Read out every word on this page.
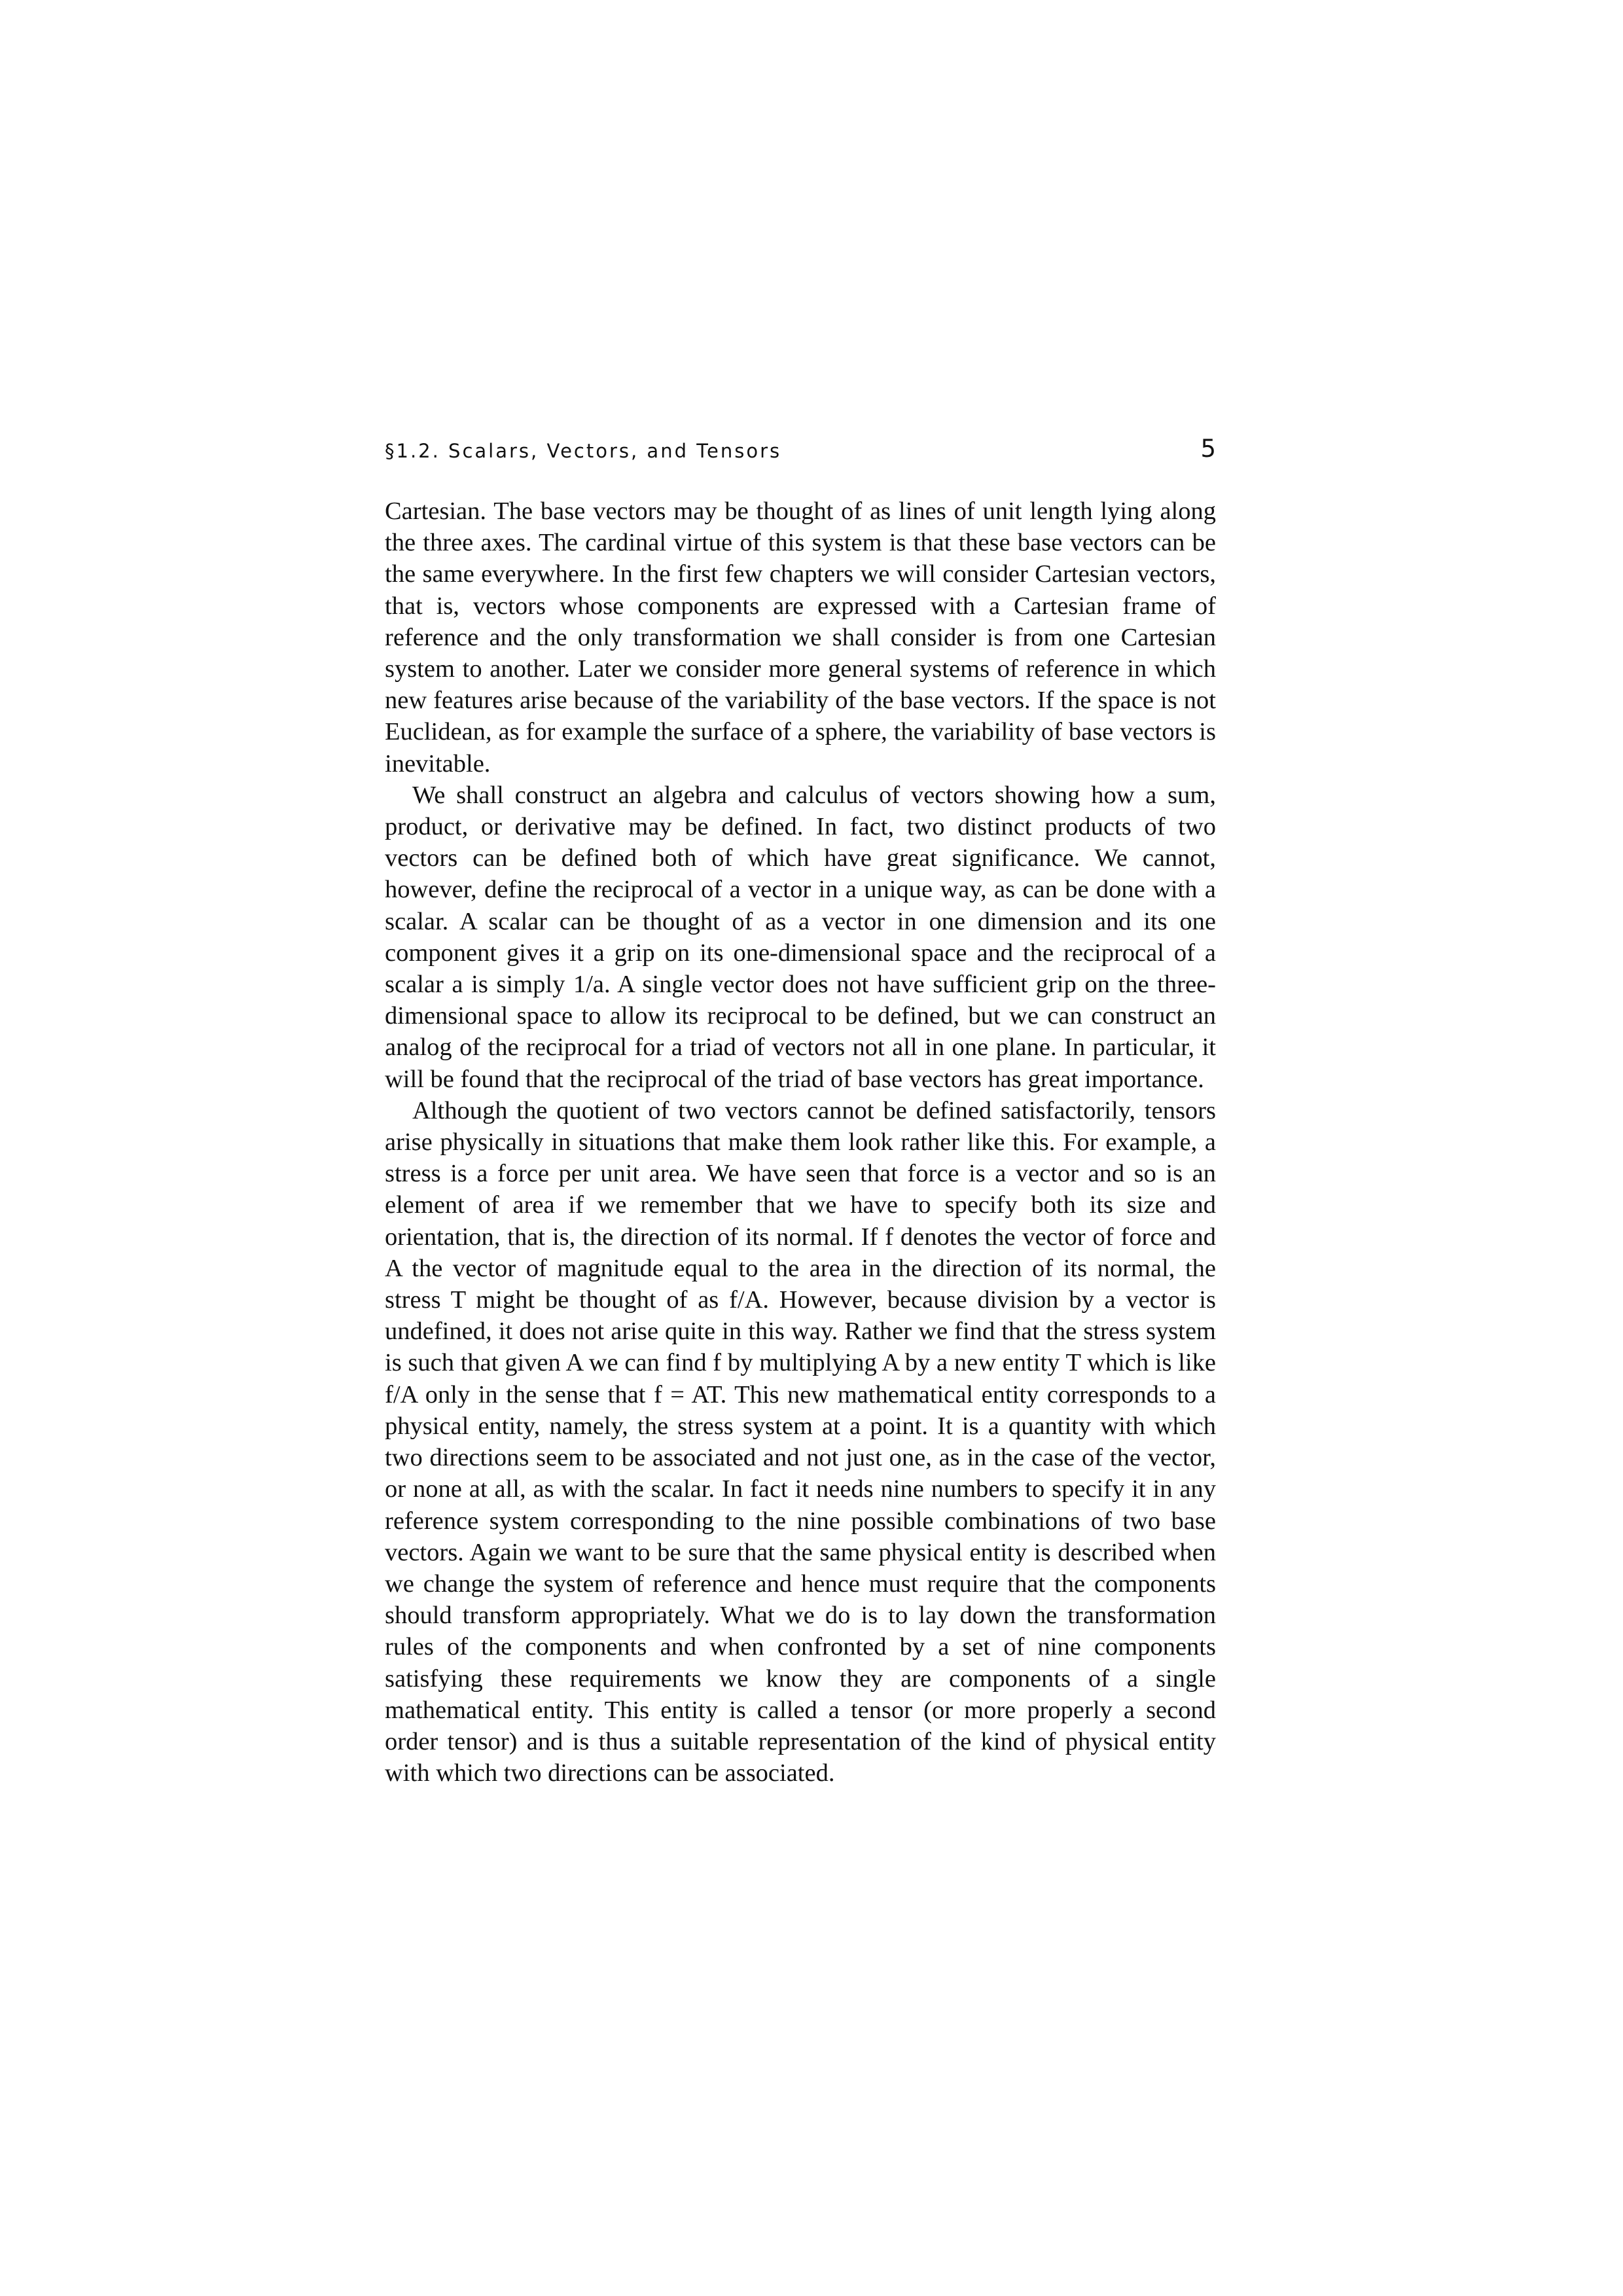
§1.2. Scalars, Vectors, and Tensors	5

Cartesian. The base vectors may be thought of as lines of unit length lying along the three axes. The cardinal virtue of this system is that these base vectors can be the same everywhere. In the first few chapters we will consider Cartesian vectors, that is, vectors whose components are expressed with a Cartesian frame of reference and the only transformation we shall consider is from one Cartesian system to another. Later we consider more general systems of reference in which new features arise because of the variability of the base vectors. If the space is not Euclidean, as for example the surface of a sphere, the variability of base vectors is inevitable.

We shall construct an algebra and calculus of vectors showing how a sum, product, or derivative may be defined. In fact, two distinct products of two vectors can be defined both of which have great significance. We cannot, however, define the reciprocal of a vector in a unique way, as can be done with a scalar. A scalar can be thought of as a vector in one dimension and its one component gives it a grip on its one-dimensional space and the reciprocal of a scalar a is simply 1/a. A single vector does not have sufficient grip on the three-dimensional space to allow its reciprocal to be defined, but we can construct an analog of the reciprocal for a triad of vectors not all in one plane. In particular, it will be found that the reciprocal of the triad of base vectors has great importance.

Although the quotient of two vectors cannot be defined satisfactorily, tensors arise physically in situations that make them look rather like this. For example, a stress is a force per unit area. We have seen that force is a vector and so is an element of area if we remember that we have to specify both its size and orientation, that is, the direction of its normal. If f denotes the vector of force and A the vector of magnitude equal to the area in the direction of its normal, the stress T might be thought of as f/A. However, because division by a vector is undefined, it does not arise quite in this way. Rather we find that the stress system is such that given A we can find f by multiplying A by a new entity T which is like f/A only in the sense that f = AT. This new mathematical entity corresponds to a physical entity, namely, the stress system at a point. It is a quantity with which two directions seem to be associated and not just one, as in the case of the vector, or none at all, as with the scalar. In fact it needs nine numbers to specify it in any reference system corresponding to the nine possible combinations of two base vectors. Again we want to be sure that the same physical entity is described when we change the system of reference and hence must require that the components should transform appropriately. What we do is to lay down the transformation rules of the components and when confronted by a set of nine components satisfying these requirements we know they are components of a single mathematical entity. This entity is called a tensor (or more properly a second order tensor) and is thus a suitable representation of the kind of physical entity with which two directions can be associated.
